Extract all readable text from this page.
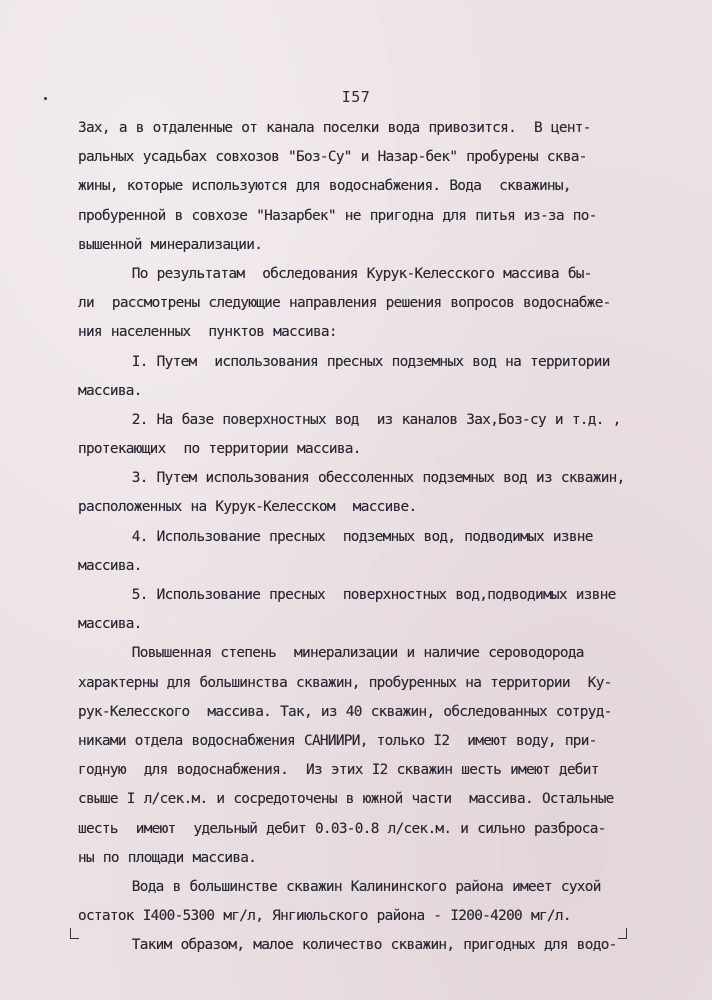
I57
Зах, а в отдаленные от канала поселки вода привозится.  В цент-
ральных усадьбах совхозов "Боз-Су" и Назар-бек" пробурены сква-
жины, которые используются для водоснабжения. Вода  скважины,
пробуренной в совхозе "Назарбек" не пригодна для питья из-за по-
вышенной минерализации.
По результатам  обследования Курук-Келесского массива бы-
ли  рассмотрены следующие направления решения вопросов водоснабже-
ния населенных  пунктов массива:
I. Путем  использования пресных подземных вод на территории
массива.
2. На базе поверхностных вод  из каналов Зах,Боз-су и т.д. ,
протекающих  по территории массива.
3. Путем использования обессоленных подземных вод из скважин,
расположенных на Курук-Келесском  массиве.
4. Использование пресных  подземных вод, подводимых извне
массива.
5. Использование пресных  поверхностных вод,подводимых извне
массива.
Повышенная степень  минерализации и наличие сероводорода
характерны для большинства скважин, пробуренных на территории  Ку-
рук-Келесского  массива. Так, из 40 скважин, обследованных сотруд-
никами отдела водоснабжения САНИИРИ, только I2  имеют воду, при-
годную  для водоснабжения.  Из этих I2 скважин шесть имеют дебит
свыше I л/сек.м. и сосредоточены в южной части  массива. Остальные
шесть  имеют  удельный дебит 0.03-0.8 л/сек.м. и сильно разбросa-
ны по площади массива.
Вода в большинстве скважин Калининского района имеет сухой
остаток I400-5300 мг/л, Янгиюльского района - I200-4200 мг/л.
Таким образом, малое количество скважин, пригодных для водо-
